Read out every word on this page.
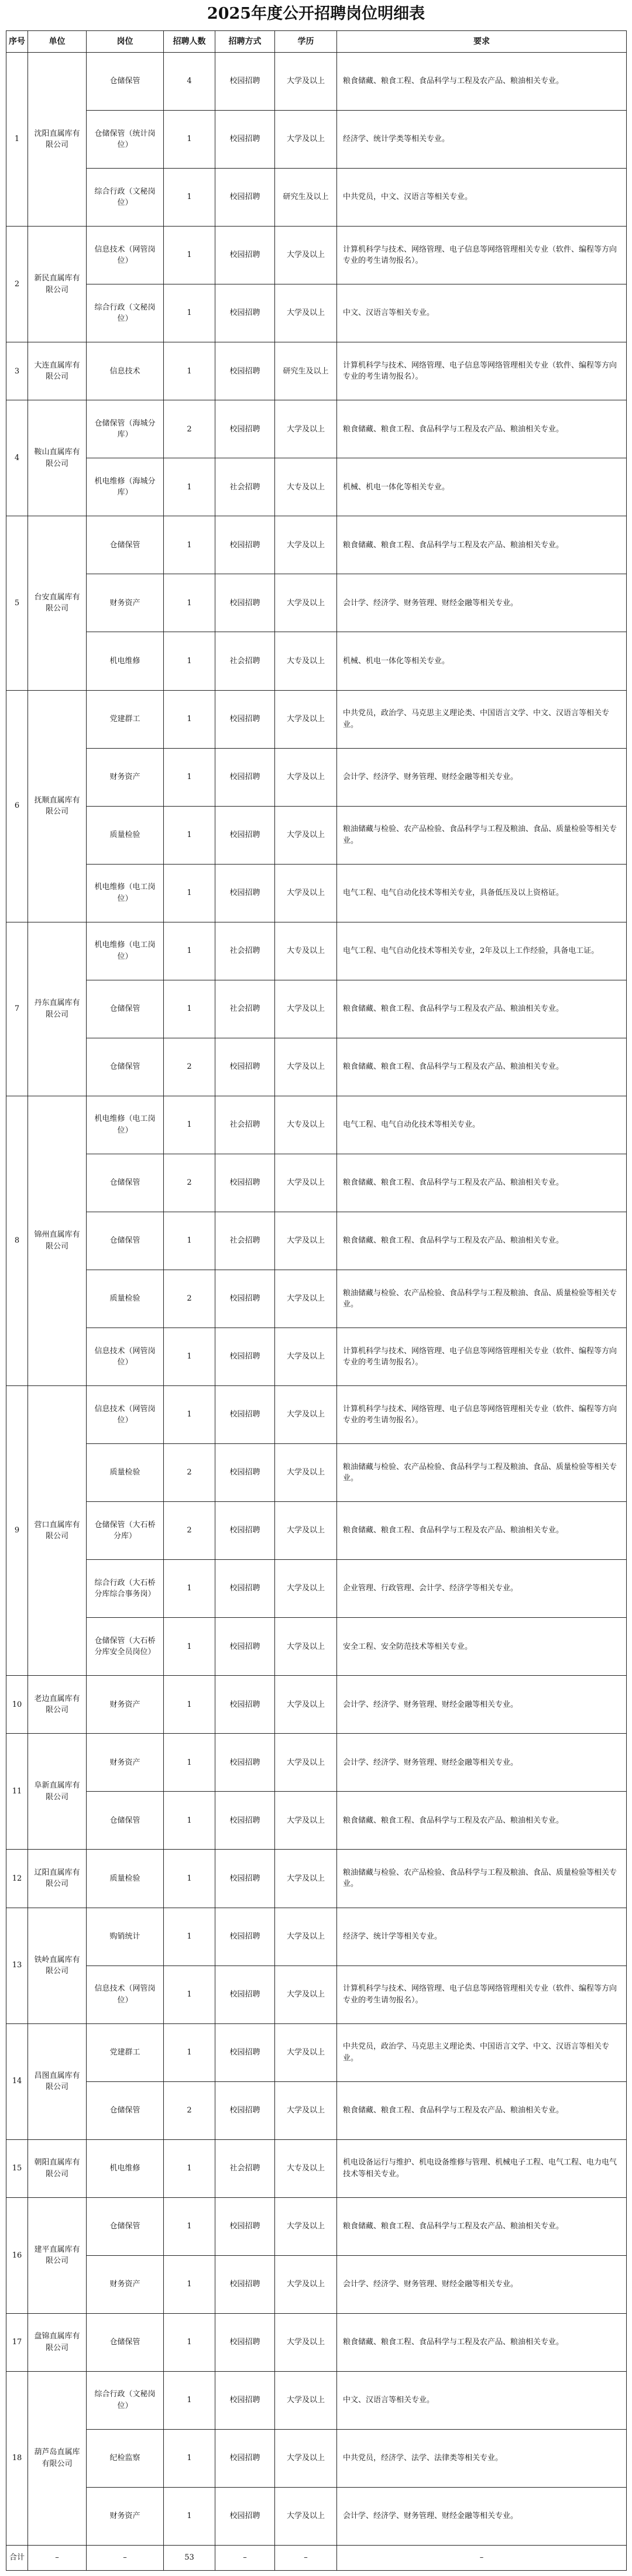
2025年度公开招聘岗位明细表
序号	单位	岗位	招聘人数	招聘方式	学历	要求
1	沈阳直属库有限公司	仓储保管	4	校园招聘	大学及以上	粮食储藏、粮食工程、食品科学与工程及农产品、粮油相关专业。
		仓储保管（统计岗位）	1	校园招聘	大学及以上	经济学、统计学类等相关专业。
		综合行政（文秘岗位）	1	校园招聘	研究生及以上	中共党员，中文、汉语言等相关专业。
2	新民直属库有限公司	信息技术（网管岗位）	1	校园招聘	大学及以上	计算机科学与技术、网络管理、电子信息等网络管理相关专业（软件、编程等方向专业的考生请勿报名）。
		综合行政（文秘岗位）	1	校园招聘	大学及以上	中文、汉语言等相关专业。
3	大连直属库有限公司	信息技术	1	校园招聘	研究生及以上	计算机科学与技术、网络管理、电子信息等网络管理相关专业（软件、编程等方向专业的考生请勿报名）。
4	鞍山直属库有限公司	仓储保管（海城分库）	2	校园招聘	大学及以上	粮食储藏、粮食工程、食品科学与工程及农产品、粮油相关专业。
		机电维修（海城分库）	1	社会招聘	大专及以上	机械、机电一体化等相关专业。
5	台安直属库有限公司	仓储保管	1	校园招聘	大学及以上	粮食储藏、粮食工程、食品科学与工程及农产品、粮油相关专业。
		财务资产	1	校园招聘	大学及以上	会计学、经济学、财务管理、财经金融等相关专业。
		机电维修	1	社会招聘	大专及以上	机械、机电一体化等相关专业。
6	抚顺直属库有限公司	党建群工	1	校园招聘	大学及以上	中共党员，政治学、马克思主义理论类、中国语言文学、中文、汉语言等相关专业。
		财务资产	1	校园招聘	大学及以上	会计学、经济学、财务管理、财经金融等相关专业。
		质量检验	1	校园招聘	大学及以上	粮油储藏与检验、农产品检验、食品科学与工程及粮油、食品、质量检验等相关专业。
		机电维修（电工岗位）	1	校园招聘	大学及以上	电气工程、电气自动化技术等相关专业，具备低压及以上资格证。
7	丹东直属库有限公司	机电维修（电工岗位）	1	社会招聘	大专及以上	电气工程、电气自动化技术等相关专业，2年及以上工作经验，具备电工证。
		仓储保管	1	社会招聘	大学及以上	粮食储藏、粮食工程、食品科学与工程及农产品、粮油相关专业。
		仓储保管	2	校园招聘	大学及以上	粮食储藏、粮食工程、食品科学与工程及农产品、粮油相关专业。
8	锦州直属库有限公司	机电维修（电工岗位）	1	社会招聘	大专及以上	电气工程、电气自动化技术等相关专业。
		仓储保管	2	校园招聘	大学及以上	粮食储藏、粮食工程、食品科学与工程及农产品、粮油相关专业。
		仓储保管	1	社会招聘	大学及以上	粮食储藏、粮食工程、食品科学与工程及农产品、粮油相关专业。
		质量检验	2	校园招聘	大学及以上	粮油储藏与检验、农产品检验、食品科学与工程及粮油、食品、质量检验等相关专业。
		信息技术（网管岗位）	1	校园招聘	大学及以上	计算机科学与技术、网络管理、电子信息等网络管理相关专业（软件、编程等方向专业的考生请勿报名）。
9	营口直属库有限公司	信息技术（网管岗位）	1	校园招聘	大学及以上	计算机科学与技术、网络管理、电子信息等网络管理相关专业（软件、编程等方向专业的考生请勿报名）。
		质量检验	2	校园招聘	大学及以上	粮油储藏与检验、农产品检验、食品科学与工程及粮油、食品、质量检验等相关专业。
		仓储保管（大石桥分库）	2	校园招聘	大学及以上	粮食储藏、粮食工程、食品科学与工程及农产品、粮油相关专业。
		综合行政（大石桥分库综合事务岗）	1	校园招聘	大学及以上	企业管理、行政管理、会计学、经济学等相关专业。
		仓储保管（大石桥分库安全员岗位）	1	校园招聘	大学及以上	安全工程、安全防范技术等相关专业。
10	老边直属库有限公司	财务资产	1	校园招聘	大学及以上	会计学、经济学、财务管理、财经金融等相关专业。
11	阜新直属库有限公司	财务资产	1	校园招聘	大学及以上	会计学、经济学、财务管理、财经金融等相关专业。
		仓储保管	1	校园招聘	大学及以上	粮食储藏、粮食工程、食品科学与工程及农产品、粮油相关专业。
12	辽阳直属库有限公司	质量检验	1	校园招聘	大学及以上	粮油储藏与检验、农产品检验、食品科学与工程及粮油、食品、质量检验等相关专业。
13	铁岭直属库有限公司	购销统计	1	校园招聘	大学及以上	经济学、统计学等相关专业。
		信息技术（网管岗位）	1	校园招聘	大学及以上	计算机科学与技术、网络管理、电子信息等网络管理相关专业（软件、编程等方向专业的考生请勿报名）。
14	昌图直属库有限公司	党建群工	1	校园招聘	大学及以上	中共党员，政治学、马克思主义理论类、中国语言文学、中文、汉语言等相关专业。
		仓储保管	2	校园招聘	大学及以上	粮食储藏、粮食工程、食品科学与工程及农产品、粮油相关专业。
15	朝阳直属库有限公司	机电维修	1	社会招聘	大专及以上	机电设备运行与维护、机电设备维修与管理、机械电子工程、电气工程、电力电气技术等相关专业。
16	建平直属库有限公司	仓储保管	1	校园招聘	大学及以上	粮食储藏、粮食工程、食品科学与工程及农产品、粮油相关专业。
		财务资产	1	校园招聘	大学及以上	会计学、经济学、财务管理、财经金融等相关专业。
17	盘锦直属库有限公司	仓储保管	1	校园招聘	大学及以上	粮食储藏、粮食工程、食品科学与工程及农产品、粮油相关专业。
18	葫芦岛直属库有限公司	综合行政（文秘岗位）	1	校园招聘	大学及以上	中文、汉语言等相关专业。
		纪检监察	1	校园招聘	大学及以上	中共党员，经济学、法学、法律类等相关专业。
		财务资产	1	校园招聘	大学及以上	会计学、经济学、财务管理、财经金融等相关专业。
合计	–	–	53	–	–	–
